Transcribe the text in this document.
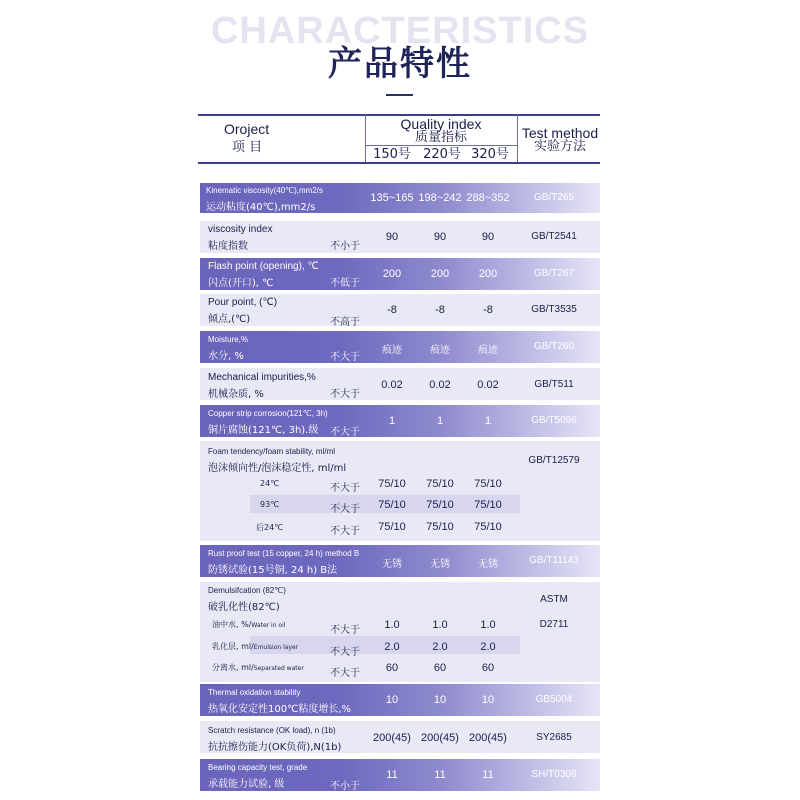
CHARACTERISTICS
产品特性
Oroject
项 目
Quality index
质量指标
150号 220号 320号
Test method
实验方法
Kinematic viscosity(40℃),mm2/s
运动粘度(40℃),mm2/s
135~165 198~242 288~352	GB/T265
viscosity index
粘度指数	不小于
90	90	90	GB/T2541
Flash point (opening), ℃
闪点(开口), ℃	不低于
200	200	200	GB/T267
Pour point, (℃)
倾点,(℃)	不高于
-8	-8	-8	GB/T3535
Moisture,%
水分, %	不大于
痕迹	痕迹	痕迹	GB/T260
Mechanical impurities,%
机械杂质, %	不大于
0.02	0.02	0.02	GB/T511
Copper strip corrosion(121℃, 3h)
铜片腐蚀(121℃, 3h).级 不大于
1	1	1	GB/T5096
Foam tendency/foam stability, ml/ml
泡沫倾向性/泡沫稳定性, ml/ml
GB/T12579
24℃	不大于	75/10	75/10	75/10
93℃	不大于	75/10	75/10	75/10
后24℃	不大于	75/10	75/10	75/10
Rust proof test (15 copper, 24 h) method B
防锈试验(15号铜, 24 h) B法
无锈	无锈	无锈	GB/T11143
Demulsifcation (82℃)
破乳化性(82℃)
ASTM
D2711
油中水, %/Water in oil	不大于	1.0	1.0	1.0
乳化层, ml/Emulsion layer	不大于	2.0	2.0	2.0
分离水, ml/Separated water	不大于	60	60	60
Thermal oxidation stability
热氧化安定性100℃粘度增长,%
10	10	10	GB5004
Scratch resistance (OK load), n (1b)
抗抗擦伤能力(OK负荷),N(1b)
200(45) 200(45) 200(45)	SY2685
Bearing capacity test, grade
承载能力试验, 级	不小于
11	11	11	SH/T0306
